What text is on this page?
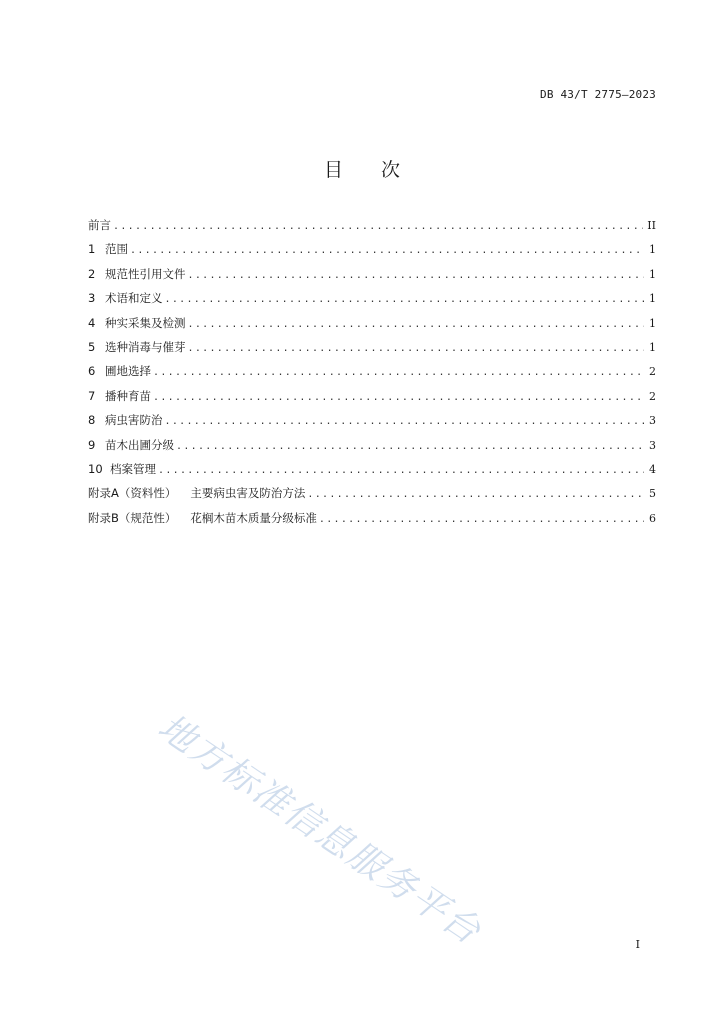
DB 43/T 2775—2023
目次
前言 .....	II
1 范围 .....	1
2 规范性引用文件 .....	1
3 术语和定义 .....	1
4 种实采集及检测 .....	1
5 选种消毒与催芽 .....	1
6 圃地选择 .....	2
7 播种育苗 .....	2
8 病虫害防治 .....	3
9 苗木出圃分级 .....	3
10 档案管理 .....	4
附录A（资料性） 主要病虫害及防治方法 .....	5
附录B（规范性） 花榈木苗木质量分级标准 .....	6
地方标准信息服务平台	I
